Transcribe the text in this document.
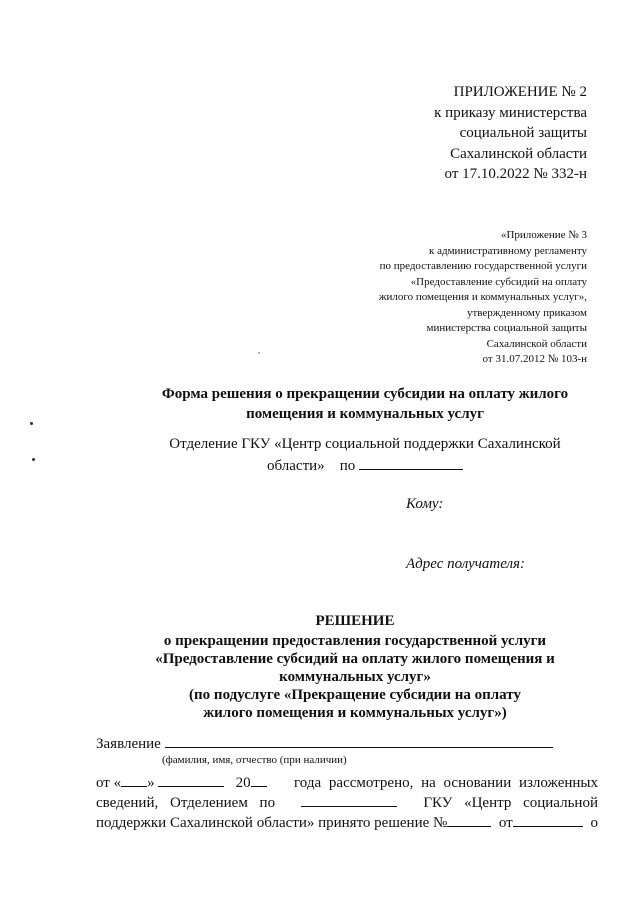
ПРИЛОЖЕНИЕ № 2
к приказу министерства
социальной защиты
Сахалинской области
от 17.10.2022 № 332-н
«Приложение № 3
к административному регламенту
по предоставлению государственной услуги
«Предоставление субсидий на оплату
жилого помещения и коммунальных услуг»,
утвержденному приказом
министерства социальной защиты
Сахалинской области
от 31.07.2012 № 103-н
Форма решения о прекращении субсидии на оплату жилого
помещения и коммунальных услуг
Отделение ГКУ «Центр социальной поддержки Сахалинской
области» по
Кому:
Адрес получателя:
РЕШЕНИЕ
о прекращении предоставления государственной услуги
«Предоставление субсидий на оплату жилого помещения и
коммунальных услуг»
(по подуслуге «Прекращение субсидии на оплату
жилого помещения и коммунальных услуг»)
Заявление
(фамилия, имя, отчество (при наличии)
от « »	20	года рассмотрено, на основании изложенных
сведений, Отделением по	ГКУ «Центр социальной
поддержки Сахалинской области» принято решение №	от	о
